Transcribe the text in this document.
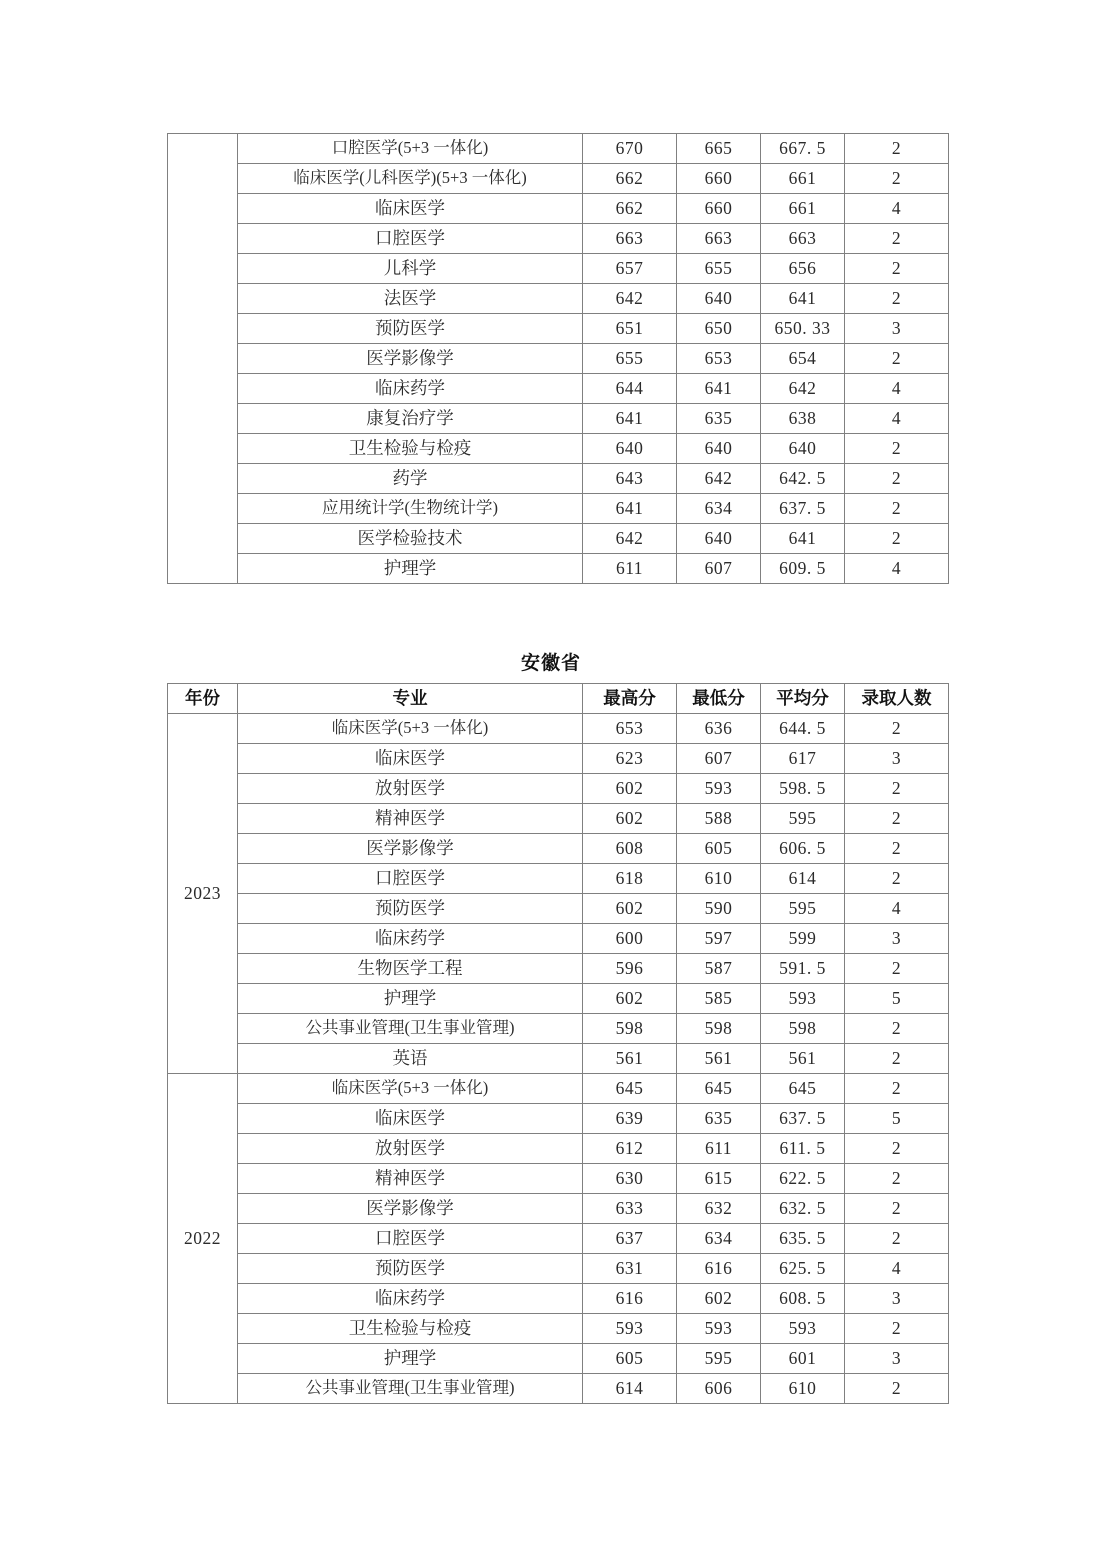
	口腔医学(5+3 一体化)	670	665	667. 5	2
	临床医学(儿科医学)(5+3 一体化)	662	660	661	2
	临床医学	662	660	661	4
	口腔医学	663	663	663	2
	儿科学	657	655	656	2
	法医学	642	640	641	2
	预防医学	651	650	650. 33	3
	医学影像学	655	653	654	2
	临床药学	644	641	642	4
	康复治疗学	641	635	638	4
	卫生检验与检疫	640	640	640	2
	药学	643	642	642. 5	2
	应用统计学(生物统计学)	641	634	637. 5	2
	医学检验技术	642	640	641	2
	护理学	611	607	609. 5	4
安徽省
年份	专业	最高分	最低分	平均分	录取人数
2023	临床医学(5+3 一体化)	653	636	644. 5	2
	临床医学	623	607	617	3
	放射医学	602	593	598. 5	2
	精神医学	602	588	595	2
	医学影像学	608	605	606. 5	2
	口腔医学	618	610	614	2
	预防医学	602	590	595	4
	临床药学	600	597	599	3
	生物医学工程	596	587	591. 5	2
	护理学	602	585	593	5
	公共事业管理(卫生事业管理)	598	598	598	2
	英语	561	561	561	2
2022	临床医学(5+3 一体化)	645	645	645	2
	临床医学	639	635	637. 5	5
	放射医学	612	611	611. 5	2
	精神医学	630	615	622. 5	2
	医学影像学	633	632	632. 5	2
	口腔医学	637	634	635. 5	2
	预防医学	631	616	625. 5	4
	临床药学	616	602	608. 5	3
	卫生检验与检疫	593	593	593	2
	护理学	605	595	601	3
	公共事业管理(卫生事业管理)	614	606	610	2
